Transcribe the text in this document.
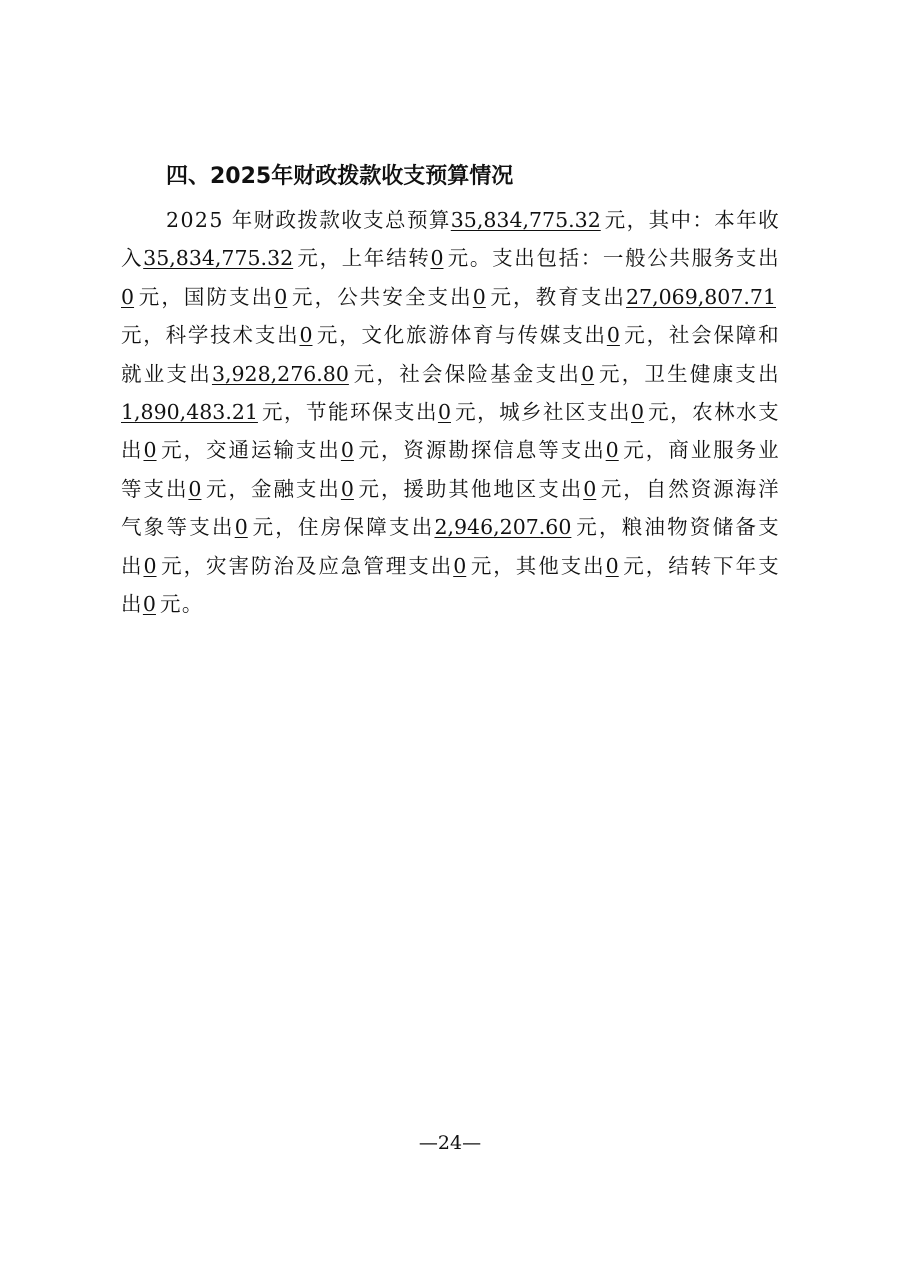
四、2025年财政拨款收支预算情况

2025 年财政拨款收支总预算35,834,775.32 元，其中：本年收入35,834,775.32 元，上年结转0 元。支出包括：一般公共服务支出0 元，国防支出0 元，公共安全支出0 元，教育支出27,069,807.71元，科学技术支出0 元，文化旅游体育与传媒支出0 元，社会保障和就业支出3,928,276.80 元，社会保险基金支出0 元，卫生健康支出1,890,483.21 元，节能环保支出0 元，城乡社区支出0 元，农林水支出0 元，交通运输支出0 元，资源勘探信息等支出0 元，商业服务业等支出0 元，金融支出0 元，援助其他地区支出0 元，自然资源海洋气象等支出0 元，住房保障支出2,946,207.60 元，粮油物资储备支出0 元，灾害防治及应急管理支出0 元，其他支出0 元，结转下年支出0 元。

—24—
